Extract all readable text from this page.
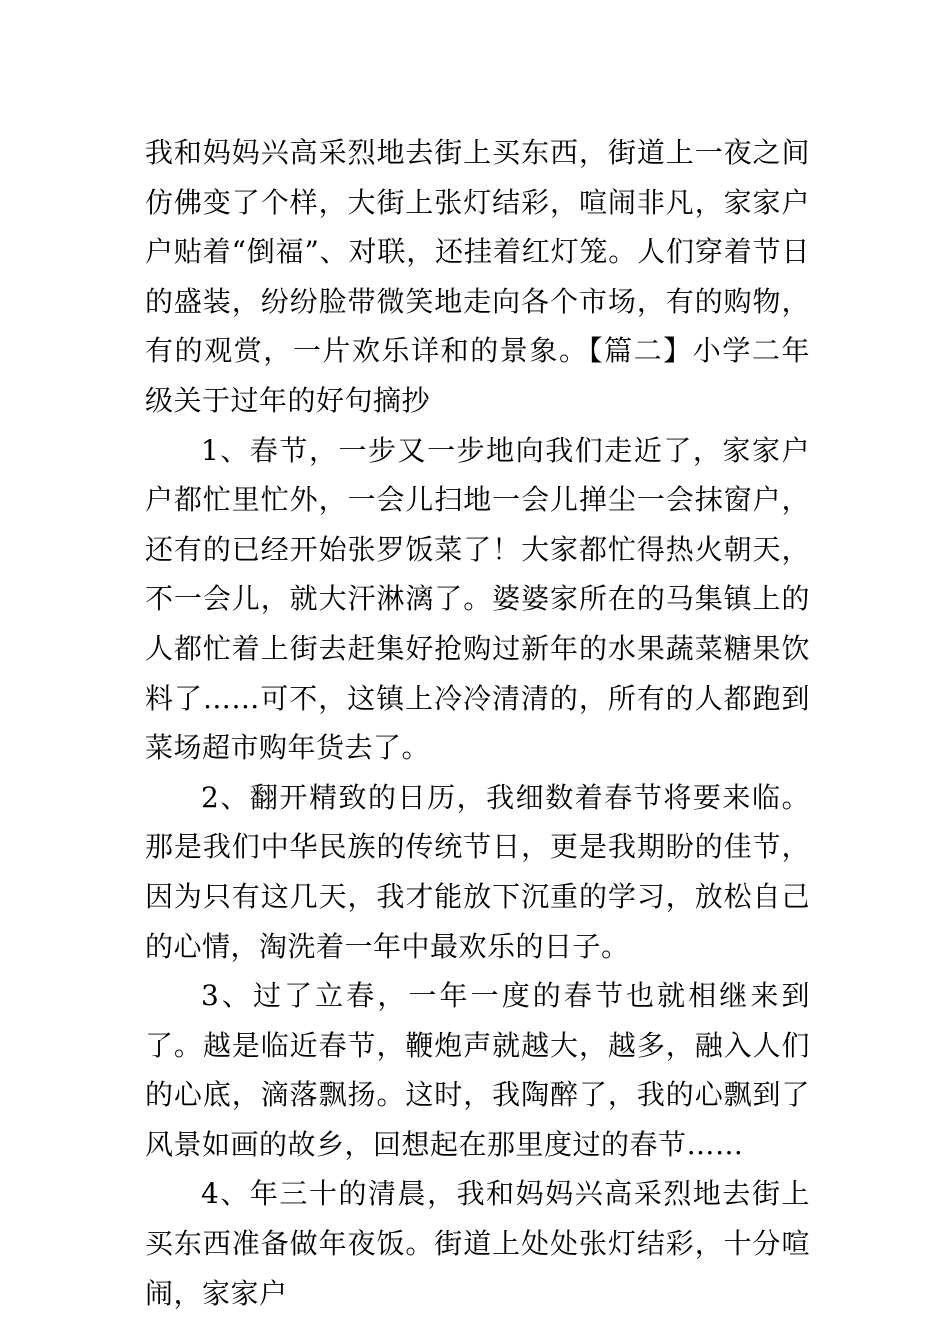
我和妈妈兴高采烈地去街上买东西，街道上一夜之间仿佛变了个样，大街上张灯结彩，喧闹非凡，家家户户贴着“倒福”、对联，还挂着红灯笼。人们穿着节日的盛装，纷纷脸带微笑地走向各个市场，有的购物，有的观赏，一片欢乐详和的景象。【篇二】小学二年级关于过年的好句摘抄

1、春节，一步又一步地向我们走近了，家家户户都忙里忙外，一会儿扫地一会儿掸尘一会抹窗户，还有的已经开始张罗饭菜了！大家都忙得热火朝天，不一会儿，就大汗淋漓了。婆婆家所在的马集镇上的人都忙着上街去赶集好抢购过新年的水果蔬菜糖果饮料了……可不，这镇上冷冷清清的，所有的人都跑到菜场超市购年货去了。

2、翻开精致的日历，我细数着春节将要来临。那是我们中华民族的传统节日，更是我期盼的佳节，因为只有这几天，我才能放下沉重的学习，放松自己的心情，淘洗着一年中最欢乐的日子。

3、过了立春，一年一度的春节也就相继来到了。越是临近春节，鞭炮声就越大，越多，融入人们的心底，滴落飘扬。这时，我陶醉了，我的心飘到了风景如画的故乡，回想起在那里度过的春节……

4、年三十的清晨，我和妈妈兴高采烈地去街上买东西准备做年夜饭。街道上处处张灯结彩，十分喧闹，家家户
